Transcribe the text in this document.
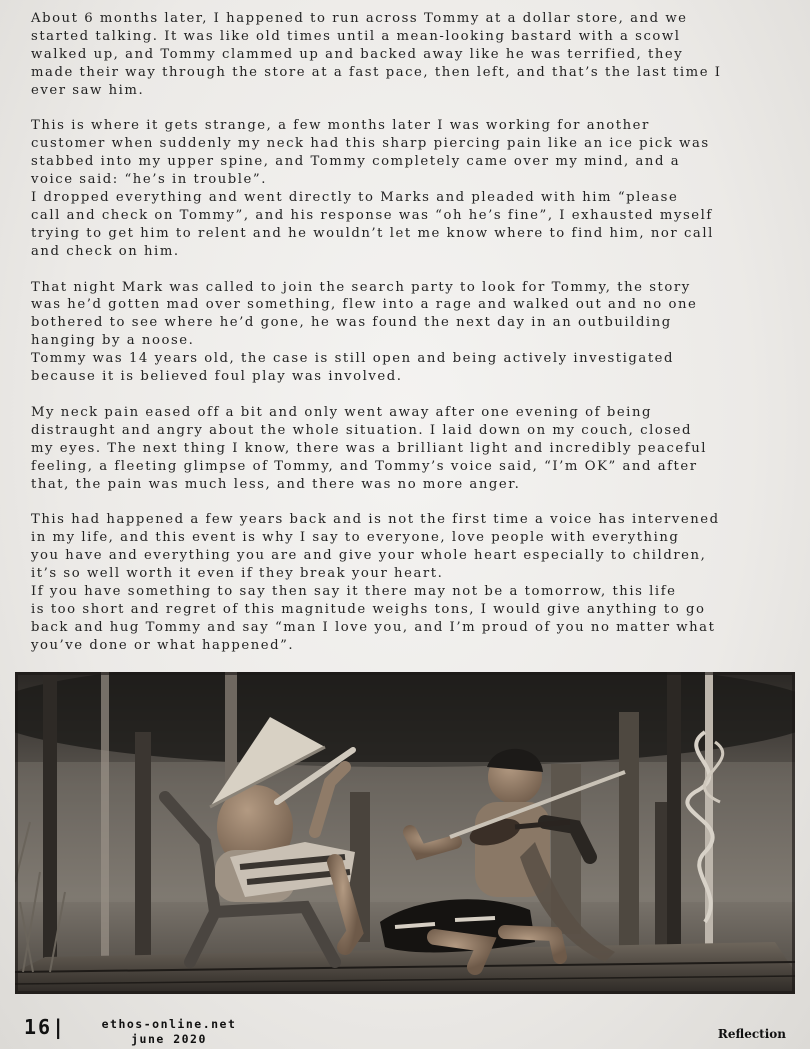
About 6 months later, I happened to run across Tommy at a dollar store, and we
started talking. It was like old times until a mean-looking bastard with a scowl
walked up, and Tommy clammed up and backed away like he was terrified, they
made their way through the store at a fast pace, then left, and that’s the last time I
ever saw him.

This is where it gets strange, a few months later I was working for another
customer when suddenly my neck had this sharp piercing pain like an ice pick was
stabbed into my upper spine, and Tommy completely came over my mind, and a
voice said: “he’s in trouble”.
I dropped everything and went directly to Marks and pleaded with him “please
call and check on Tommy”, and his response was “oh he’s fine”, I exhausted myself
trying to get him to relent and he wouldn’t let me know where to find him, nor call
and check on him.

That night Mark was called to join the search party to look for Tommy, the story
was he’d gotten mad over something, flew into a rage and walked out and no one
bothered to see where he’d gone, he was found the next day in an outbuilding
hanging by a noose.
Tommy was 14 years old, the case is still open and being actively investigated
because it is believed foul play was involved.

My neck pain eased off a bit and only went away after one evening of being
distraught and angry about the whole situation. I laid down on my couch, closed
my eyes. The next thing I know, there was a brilliant light and incredibly peaceful
feeling, a fleeting glimpse of Tommy, and Tommy’s voice said, “I’m OK” and after
that, the pain was much less, and there was no more anger.

This had happened a few years back and is not the first time a voice has intervened
in my life, and this event is why I say to everyone, love people with everything
you have and everything you are and give your whole heart especially to children,
it’s so well worth it even if they break your heart.
If you have something to say then say it there may not be a tomorrow, this life
is too short and regret of this magnitude weighs tons, I would give anything to go
back and hug Tommy and say “man I love you, and I’m proud of you no matter what
you’ve done or what happened”.

16|	ethos-online.net
june 2020	Reflection
